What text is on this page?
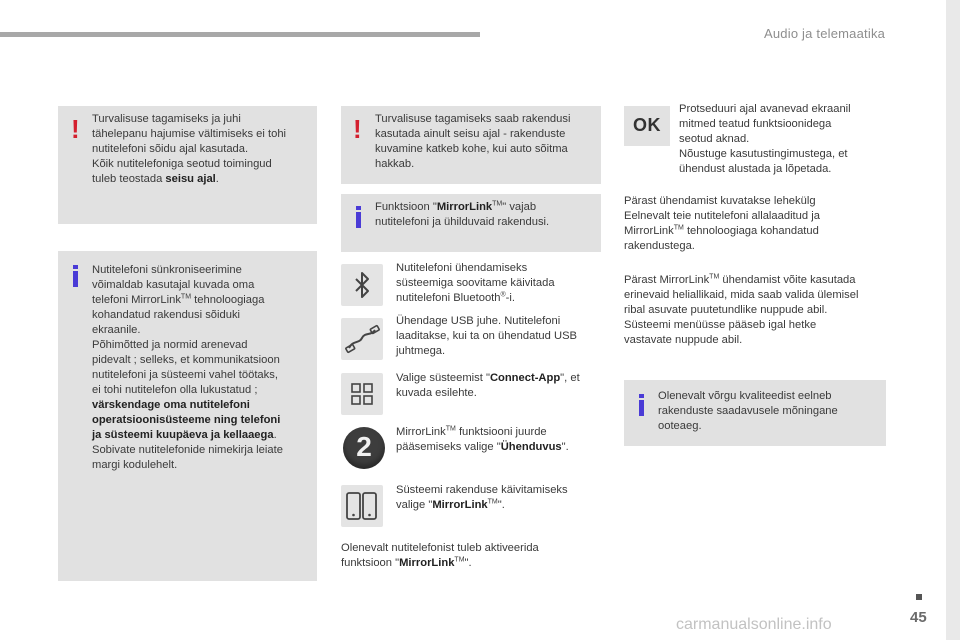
Audio ja telemaatika
! Turvalisuse tagamiseks ja juhi
tähelepanu hajumise vältimiseks ei tohi
nutitelefoni sõidu ajal kasutada.
Kõik nutitelefoniga seotud toimingud
tuleb teostada seisu ajal.
Nutitelefoni sünkroniseerimine
võimaldab kasutajal kuvada oma
telefoni MirrorLink™ tehnoloogiaga
kohandatud rakendusi sõiduki
ekraanile.
Põhimõtted ja normid arenevad
pidevalt ; selleks, et kommunikatsioon
nutitelefoni ja süsteemi vahel töötaks,
ei tohi nutitelefon olla lukustatud ;
värskendage oma nutitelefoni
operatsioonisüsteeme ning telefoni
ja süsteemi kuupäeva ja kellaaega.
Sobivate nutitelefonide nimekirja leiate
margi kodulehelt.
! Turvalisuse tagamiseks saab rakendusi
kasutada ainult seisu ajal - rakenduste
kuvamine katkeb kohe, kui auto sõitma
hakkab.
Funktsioon "MirrorLink™" vajab
nutitelefoni ja ühilduvaid rakendusi.
Nutitelefoni ühendamiseks
süsteemiga soovitame käivitada
nutitelefoni Bluetooth®-i.
Ühendage USB juhe. Nutitelefoni
laaditakse, kui ta on ühendatud USB
juhtmega.
Valige süsteemist "Connect-App", et
kuvada esilehte.
2	MirrorLink™ funktsiooni juurde
pääsemiseks valige "Ühenduvus".
Süsteemi rakenduse käivitamiseks
valige "MirrorLink™".
Olenevalt nutitelefonist tuleb aktiveerida
funktsioon "MirrorLink™".
OK
Protseduuri ajal avanevad ekraanil
mitmed teatud funktsioonidega
seotud aknad.
Nõustuge kasutustingimustega, et
ühendust alustada ja lõpetada.
Pärast ühendamist kuvatakse lehekülg
Eelnevalt teie nutitelefoni allalaaditud ja
MirrorLink™ tehnoloogiaga kohandatud
rakendustega.
Pärast MirrorLink™ ühendamist võite kasutada
erinevaid heliallikaid, mida saab valida ülemisel
ribal asuvate puutetundlike nuppude abil.
Süsteemi menüüsse pääseb igal hetke
vastavate nuppude abil.
Olenevalt võrgu kvaliteedist eelneb
rakenduste saadavusele mõningane
ooteaeg.
45
carmanualsonline.info
